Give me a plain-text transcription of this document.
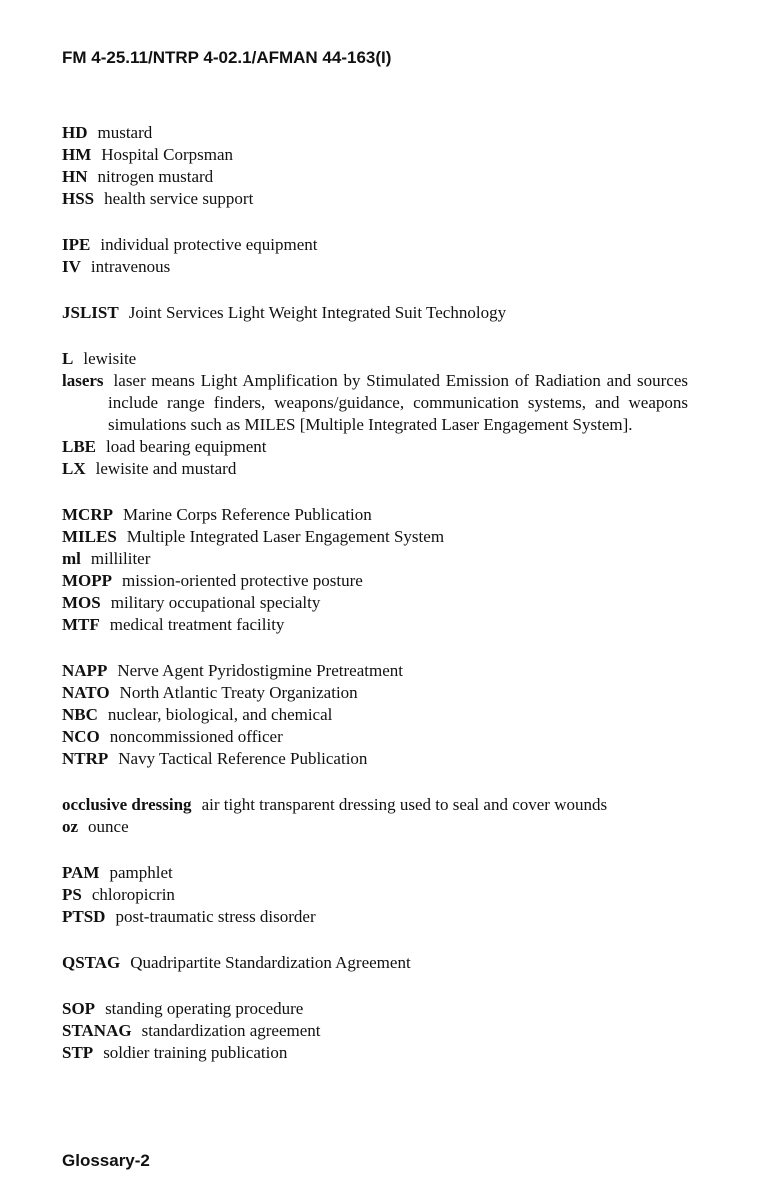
FM 4-25.11/NTRP 4-02.1/AFMAN 44-163(I)
HD mustard
HM Hospital Corpsman
HN nitrogen mustard
HSS health service support
IPE individual protective equipment
IV intravenous
JSLIST Joint Services Light Weight Integrated Suit Technology
L lewisite
lasers laser means Light Amplification by Stimulated Emission of Radiation and sources include range finders, weapons/guidance, communication systems, and weapons simulations such as MILES [Multiple Integrated Laser Engagement System].
LBE load bearing equipment
LX lewisite and mustard
MCRP Marine Corps Reference Publication
MILES Multiple Integrated Laser Engagement System
ml milliliter
MOPP mission-oriented protective posture
MOS military occupational specialty
MTF medical treatment facility
NAPP Nerve Agent Pyridostigmine Pretreatment
NATO North Atlantic Treaty Organization
NBC nuclear, biological, and chemical
NCO noncommissioned officer
NTRP Navy Tactical Reference Publication
occlusive dressing air tight transparent dressing used to seal and cover wounds
oz ounce
PAM pamphlet
PS chloropicrin
PTSD post-traumatic stress disorder
QSTAG Quadripartite Standardization Agreement
SOP standing operating procedure
STANAG standardization agreement
STP soldier training publication
Glossary-2
